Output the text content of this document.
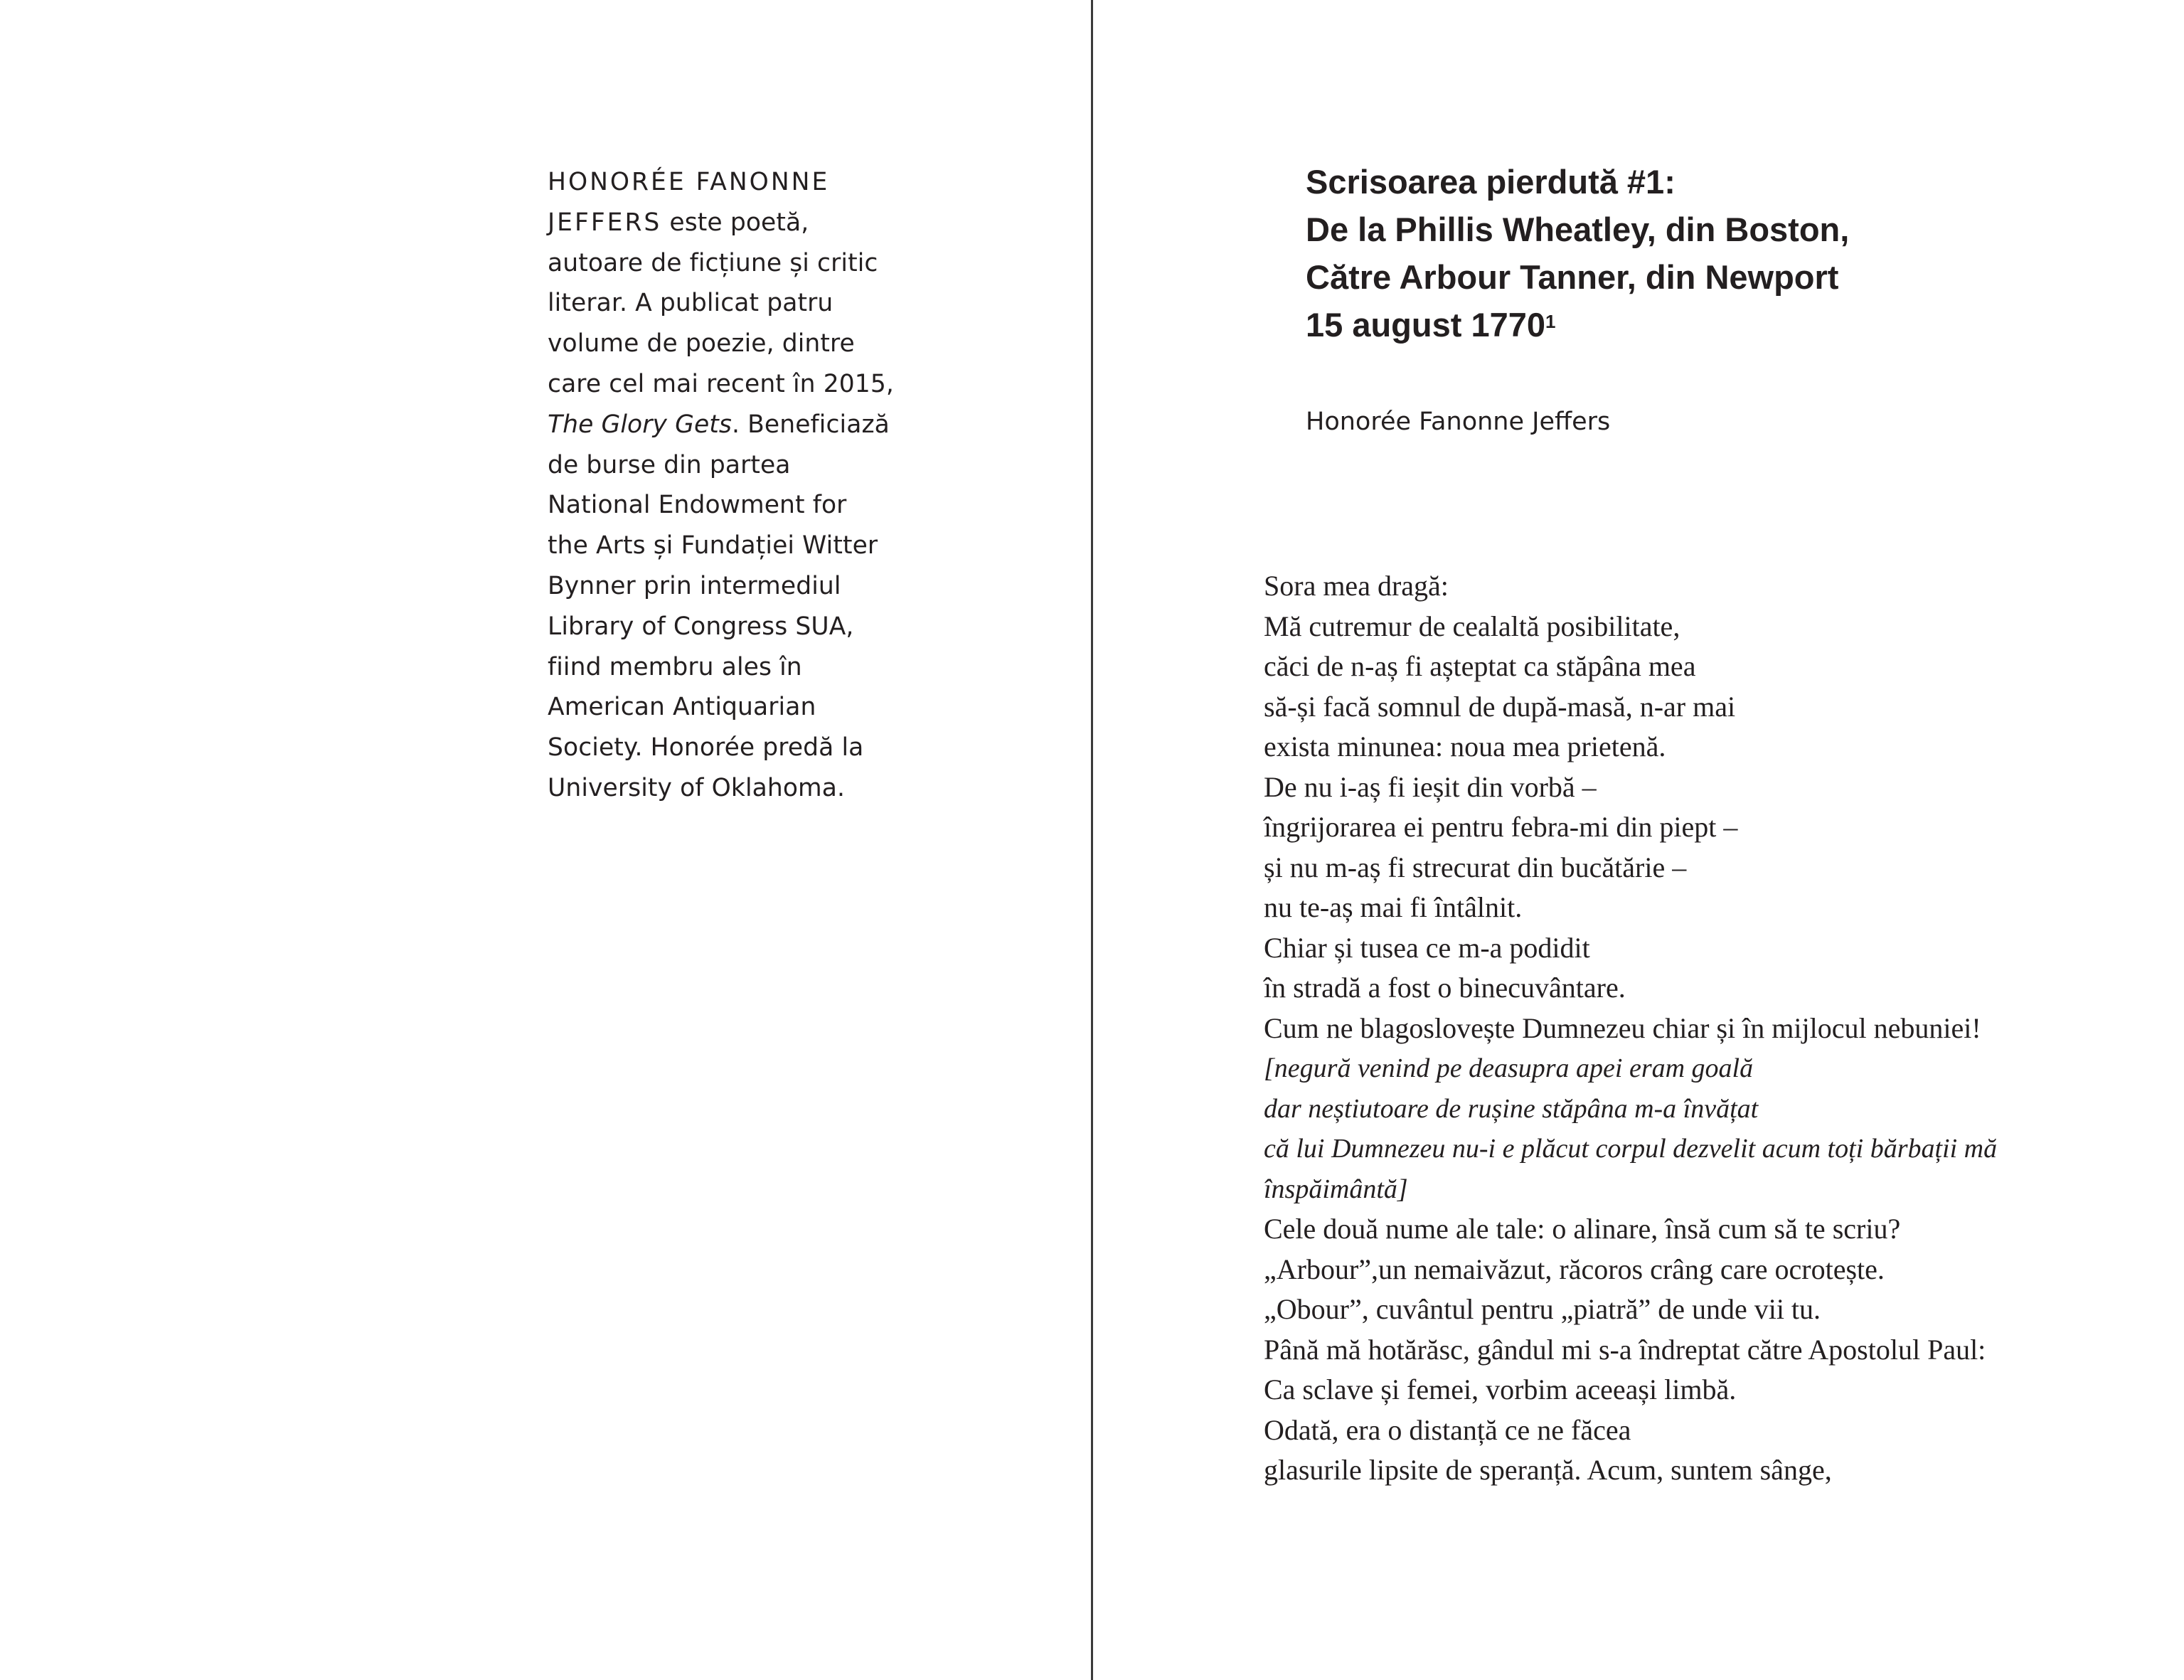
HONORÉE FANONNE
JEFFERS este poetă,
autoare de ficțiune și critic
literar. A publicat patru
volume de poezie, dintre
care cel mai recent în 2015,
The Glory Gets. Beneficiază
de burse din partea
National Endowment for
the Arts și Fundației Witter
Bynner prin intermediul
Library of Congress SUA,
fiind membru ales în
American Antiquarian
Society. Honorée predă la
University of Oklahoma.
Scrisoarea pierdută #1:
De la Phillis Wheatley, din Boston,
Către Arbour Tanner, din Newport
15 august 1770$^1$
Honorée Fanonne Jeffers
Sora mea dragă:
Mă cutremur de cealaltă posibilitate,
căci de n-aș fi așteptat ca stăpâna mea
să-și facă somnul de după-masă, n-ar mai
exista minunea: noua mea prietenă.
De nu i-aș fi ieșit din vorbă –
îngrijorarea ei pentru febra-mi din piept –
și nu m-aș fi strecurat din bucătărie –
nu te-aș mai fi întâlnit.
Chiar și tusea ce m-a podidit
în stradă a fost o binecuvântare.
Cum ne blagoslovește Dumnezeu chiar și în mijlocul nebuniei!
[negură venind pe deasupra apei eram goală
dar neștiutoare de rușine stăpâna m-a învățat
că lui Dumnezeu nu-i e plăcut corpul dezvelit acum toți bărbații mă
înspăimântă]
Cele două nume ale tale: o alinare, însă cum să te scriu?
„Arbour”,un nemaivăzut, răcoros crâng care ocrotește.
„Obour”, cuvântul pentru „piatră” de unde vii tu.
Până mă hotărăsc, gândul mi s-a îndreptat către Apostolul Paul:
Ca sclave și femei, vorbim aceeași limbă.
Odată, era o distanță ce ne făcea
glasurile lipsite de speranță. Acum, suntem sânge,
